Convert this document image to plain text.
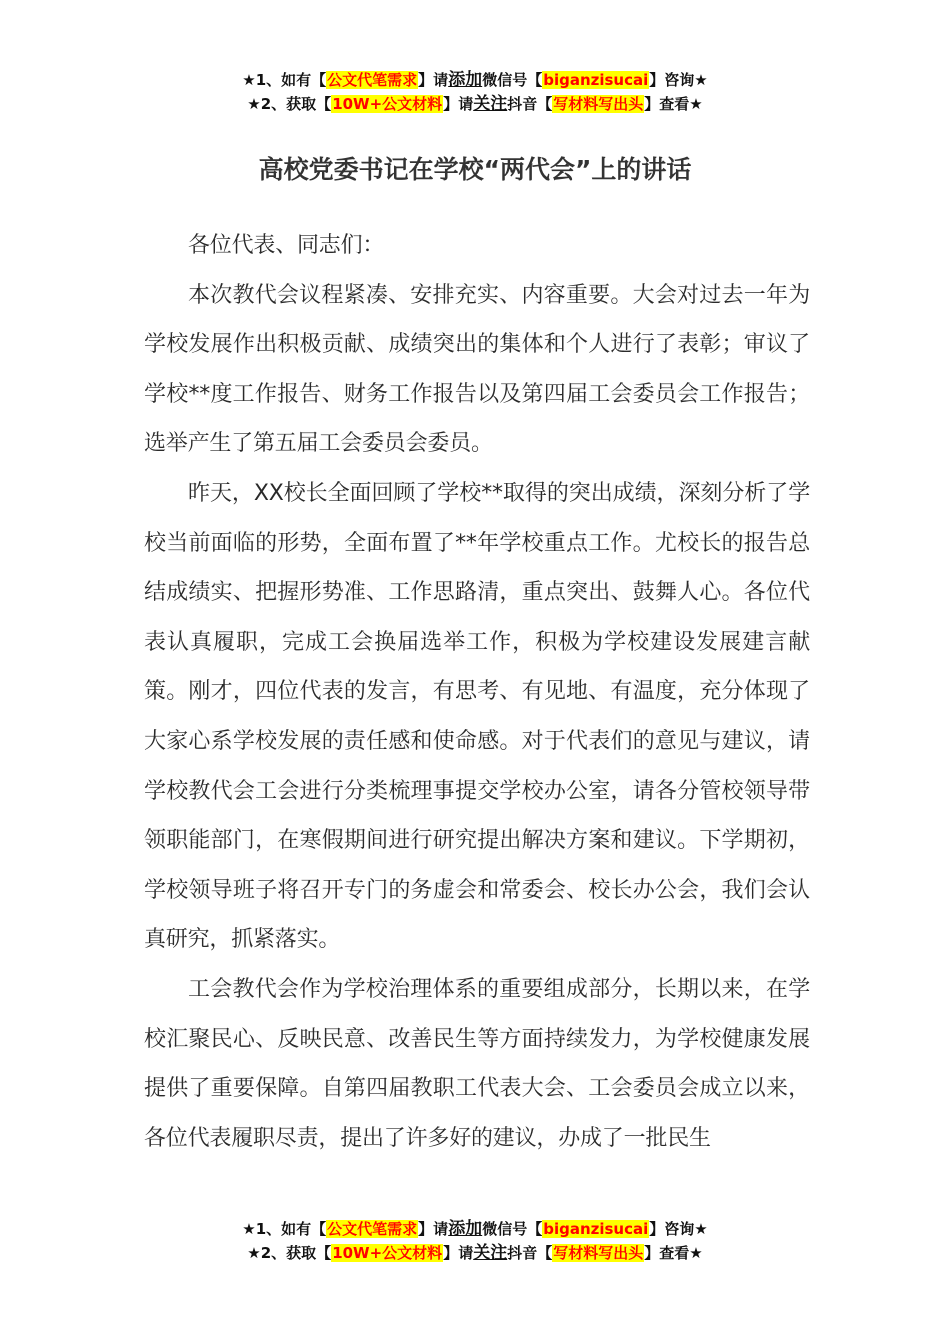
★1、如有【公文代笔需求】请添加微信号【biganzisucai】咨询★
★2、获取【10W+公文材料】请关注抖音【写材料写出头】查看★
高校党委书记在学校“两代会”上的讲话

各位代表、同志们：

本次教代会议程紧凑、安排充实、内容重要。大会对过去一年为学校发展作出积极贡献、成绩突出的集体和个人进行了表彰；审议了学校**度工作报告、财务工作报告以及第四届工会委员会工作报告；选举产生了第五届工会委员会委员。

昨天，XX校长全面回顾了学校**取得的突出成绩，深刻分析了学校当前面临的形势，全面布置了**年学校重点工作。尤校长的报告总结成绩实、把握形势准、工作思路清，重点突出、鼓舞人心。各位代表认真履职，完成工会换届选举工作，积极为学校建设发展建言献策。刚才，四位代表的发言，有思考、有见地、有温度，充分体现了大家心系学校发展的责任感和使命感。对于代表们的意见与建议，请学校教代会工会进行分类梳理事提交学校办公室，请各分管校领导带领职能部门，在寒假期间进行研究提出解决方案和建议。下学期初，学校领导班子将召开专门的务虚会和常委会、校长办公会，我们会认真研究，抓紧落实。

工会教代会作为学校治理体系的重要组成部分，长期以来，在学校汇聚民心、反映民意、改善民生等方面持续发力，为学校健康发展提供了重要保障。自第四届教职工代表大会、工会委员会成立以来，各位代表履职尽责，提出了许多好的建议，办成了一批民生

★1、如有【公文代笔需求】请添加微信号【biganzisucai】咨询★
★2、获取【10W+公文材料】请关注抖音【写材料写出头】查看★
